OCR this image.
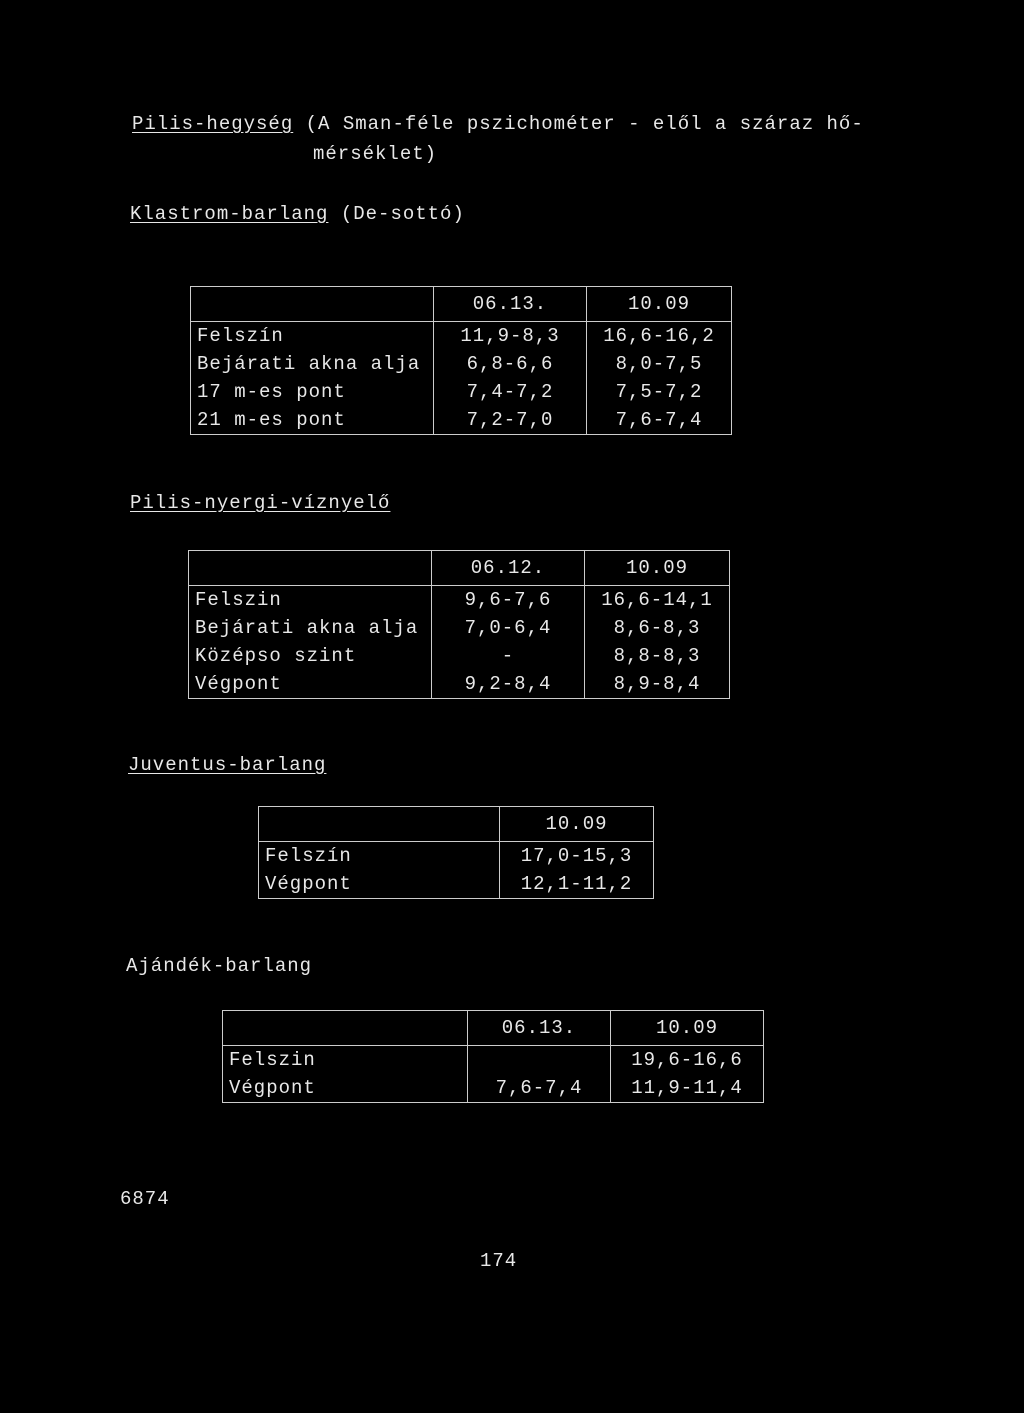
Pilis-hegység (A Sman-féle pszichométer - elől a száraz hő-
mérséklet)
Klastrom-barlang (De-sottó)
	06.13.	10.09
Felszín	11,9-8,3	16,6-16,2
Bejárati akna alja	6,8-6,6	8,0-7,5
17 m-es pont	7,4-7,2	7,5-7,2
21 m-es pont	7,2-7,0	7,6-7,4
Pilis-nyergi-víznyelő
	06.12.	10.09
Felszin	9,6-7,6	16,6-14,1
Bejárati akna alja	7,0-6,4	8,6-8,3
Középso szint	-	8,8-8,3
Végpont	9,2-8,4	8,9-8,4
Juventus-barlang
	10.09
Felszín	17,0-15,3
Végpont	12,1-11,2
Ajándék-barlang
	06.13.	10.09
Felszin		19,6-16,6
Végpont	7,6-7,4	11,9-11,4
6874
174
